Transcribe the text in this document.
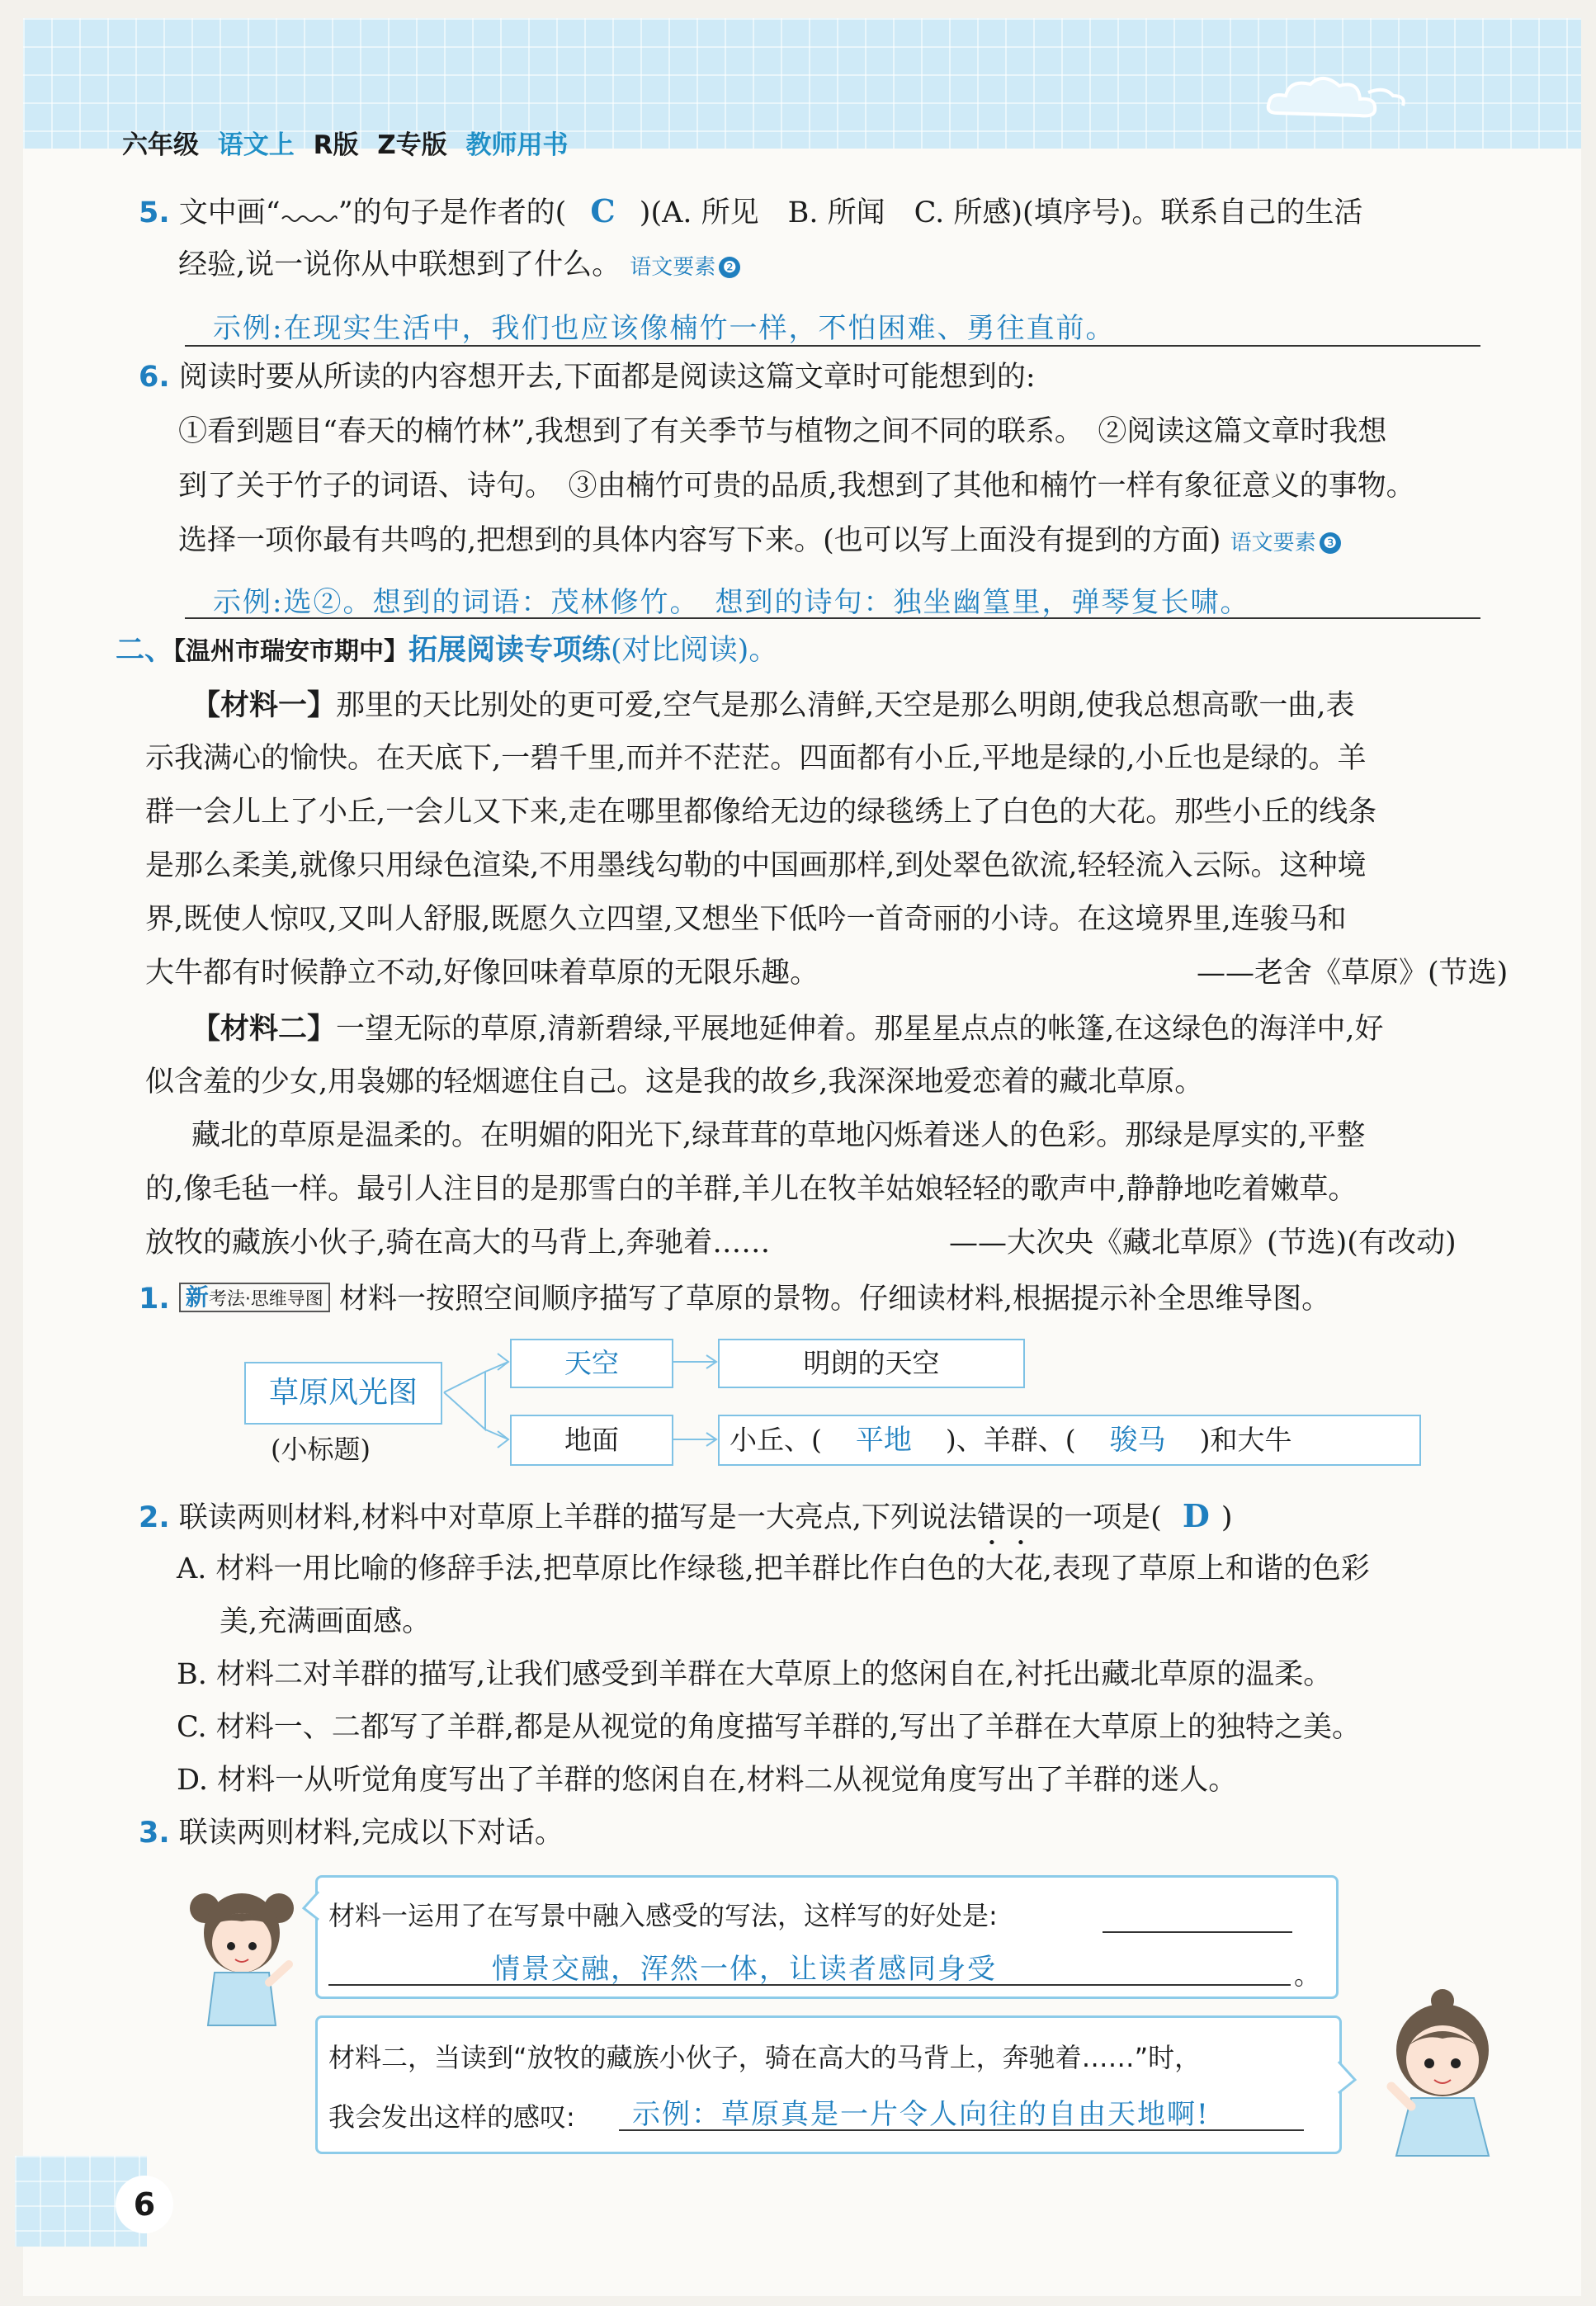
六年级 语文上 R版 Z专版 教师用书
5. 文中画“ ”的句子是作者的( C )(A. 所见　B. 所闻　C. 所感)(填序号)。联系自己的生活
经验,说一说你从中联想到了什么。 语文要素 ❷
示例:在现实生活中，我们也应该像楠竹一样，不怕困难、勇往直前。
6. 阅读时要从所读的内容想开去,下面都是阅读这篇文章时可能想到的:
①看到题目“春天的楠竹林”,我想到了有关季节与植物之间不同的联系。　②阅读这篇文章时我想
到了关于竹子的词语、诗句。　③由楠竹可贵的品质,我想到了其他和楠竹一样有象征意义的事物。
选择一项你最有共鸣的,把想到的具体内容写下来。(也可以写上面没有提到的方面) 语文要素 ❸
示例:选②。想到的词语：茂林修竹。　想到的诗句：独坐幽篁里，弹琴复长啸。
二、【温州市瑞安市期中】拓展阅读专项练(对比阅读)。
【材料一】那里的天比别处的更可爱,空气是那么清鲜,天空是那么明朗,使我总想高歌一曲,表
示我满心的愉快。在天底下,一碧千里,而并不茫茫。四面都有小丘,平地是绿的,小丘也是绿的。羊
群一会儿上了小丘,一会儿又下来,走在哪里都像给无边的绿毯绣上了白色的大花。那些小丘的线条
是那么柔美,就像只用绿色渲染,不用墨线勾勒的中国画那样,到处翠色欲流,轻轻流入云际。这种境
界,既使人惊叹,又叫人舒服,既愿久立四望,又想坐下低吟一首奇丽的小诗。在这境界里,连骏马和
大牛都有时候静立不动,好像回味着草原的无限乐趣。	——老舍《草原》(节选)
【材料二】一望无际的草原,清新碧绿,平展地延伸着。那星星点点的帐篷,在这绿色的海洋中,好
似含羞的少女,用袅娜的轻烟遮住自己。这是我的故乡,我深深地爱恋着的藏北草原。
藏北的草原是温柔的。在明媚的阳光下,绿茸茸的草地闪烁着迷人的色彩。那绿是厚实的,平整
的,像毛毡一样。最引人注目的是那雪白的羊群,羊儿在牧羊姑娘轻轻的歌声中,静静地吃着嫩草。
放牧的藏族小伙子,骑在高大的马背上,奔驰着……	——大次央《藏北草原》(节选)(有改动)
1. 新考法·思维导图 材料一按照空间顺序描写了草原的景物。仔细读材料,根据提示补全思维导图。
草原风光图
(小标题)
天空	明朗的天空
地面	小丘、( 平地 )、羊群、( 骏马 )和大牛
2. 联读两则材料,材料中对草原上羊群的描写是一大亮点,下列说法错误的一项是( D )
A. 材料一用比喻的修辞手法,把草原比作绿毯,把羊群比作白色的大花,表现了草原上和谐的色彩
美,充满画面感。
B. 材料二对羊群的描写,让我们感受到羊群在大草原上的悠闲自在,衬托出藏北草原的温柔。
C. 材料一、二都写了羊群,都是从视觉的角度描写羊群的,写出了羊群在大草原上的独特之美。
D. 材料一从听觉角度写出了羊群的悠闲自在,材料二从视觉角度写出了羊群的迷人。
3. 联读两则材料,完成以下对话。
材料一运用了在写景中融入感受的写法，这样写的好处是:
情景交融，浑然一体，让读者感同身受	。
材料二，当读到“放牧的藏族小伙子，骑在高大的马背上，奔驰着……”时，
我会发出这样的感叹: 示例：草原真是一片令人向往的自由天地啊!
6
